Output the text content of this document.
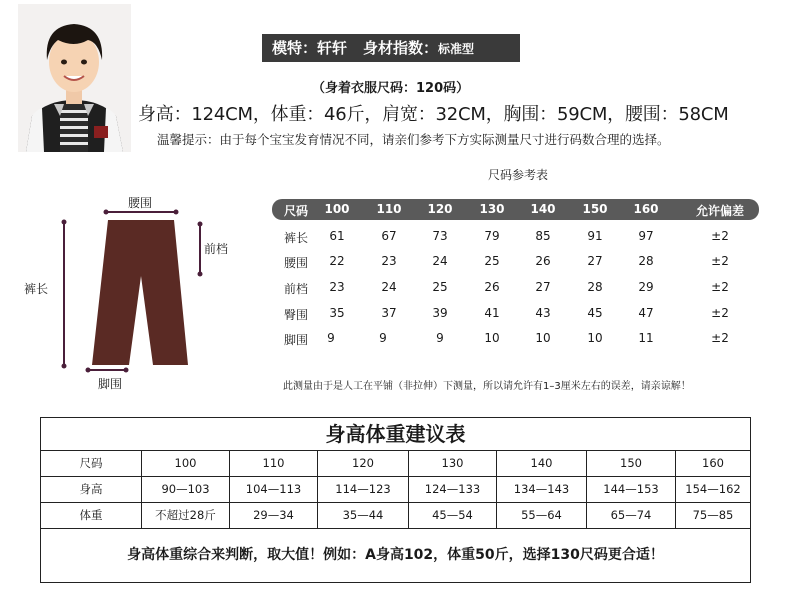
模特：轩轩 身材指数：标准型
（身着衣服尺码：120码）
身高：124CM，体重：46斤，肩宽：32CM，胸围：59CM，腰围：58CM
温馨提示：由于每个宝宝发育情况不同，请亲们参考下方实际测量尺寸进行码数合理的选择。
腰围
前档
裤长
脚围
尺码参考表
尺码 100 110 120 130 140 150 160	允许偏差
裤长 61	67	73	79	85	91	97	±2
腰围 22	23	24	25	26	27	28	±2
前档 23	24	25	26	27	28	29	±2
臀围 35	37	39	41	43	45	47	±2
脚围 9	9	9	10	10	10	11	±2
此测量由于是人工在平铺（非拉伸）下测量，所以请允许有1–3厘米左右的误差，请亲谅解！
身高体重建议表
尺码	100	110	120	130	140	150	160
身高	90—103	104—113	114—123	124—133	134—143	144—153	154—162
体重	不超过28斤	29—34	35—44	45—54	55—64	65—74	75—85
身高体重综合来判断，取大值！例如：A身高102，体重50斤，选择130尺码更合适！
